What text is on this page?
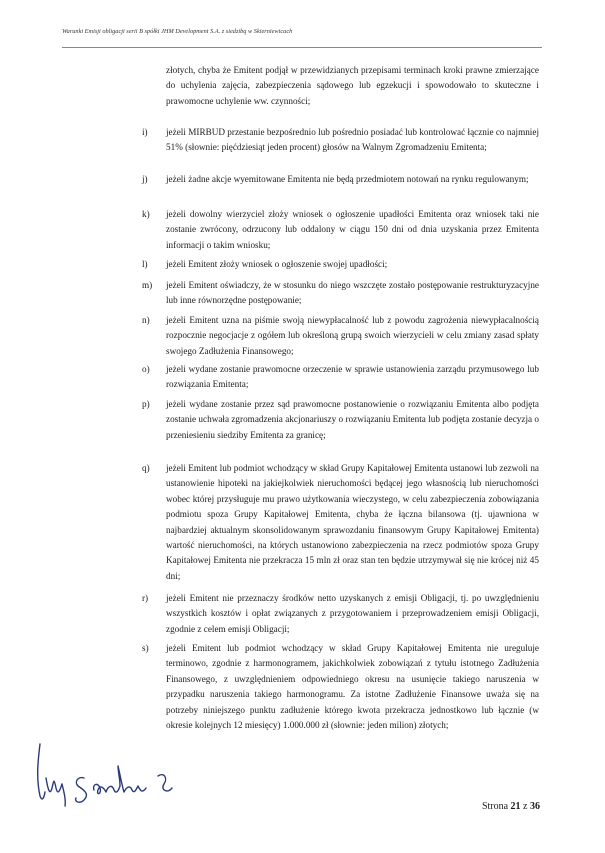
Warunki Emisji obligacji serii B spółki JHM Development S.A. z siedzibą w Skierniewicach
złotych, chyba że Emitent podjął w przewidzianych przepisami terminach kroki prawne zmierzające do uchylenia zajęcia, zabezpieczenia sądowego lub egzekucji i spowodowało to skuteczne i prawomocne uchylenie ww. czynności;
i) jeżeli MIRBUD przestanie bezpośrednio lub pośrednio posiadać lub kontrolować łącznie co najmniej 51% (słownie: pięćdziesiąt jeden procent) głosów na Walnym Zgromadzeniu Emitenta;
j) jeżeli żadne akcje wyemitowane Emitenta nie będą przedmiotem notowań na rynku regulowanym;
k) jeżeli dowolny wierzyciel złoży wniosek o ogłoszenie upadłości Emitenta oraz wniosek taki nie zostanie zwrócony, odrzucony lub oddalony w ciągu 150 dni od dnia uzyskania przez Emitenta informacji o takim wniosku;
l) jeżeli Emitent złoży wniosek o ogłoszenie swojej upadłości;
m) jeżeli Emitent oświadczy, że w stosunku do niego wszczęte zostało postępowanie restrukturyzacyjne lub inne równorzędne postępowanie;
n) jeżeli Emitent uzna na piśmie swoją niewypłacalność lub z powodu zagrożenia niewypłacalnością rozpocznie negocjacje z ogółem lub określoną grupą swoich wierzycieli w celu zmiany zasad spłaty swojego Zadłużenia Finansowego;
o) jeżeli wydane zostanie prawomocne orzeczenie w sprawie ustanowienia zarządu przymusowego lub rozwiązania Emitenta;
p) jeżeli wydane zostanie przez sąd prawomocne postanowienie o rozwiązaniu Emitenta albo podjęta zostanie uchwała zgromadzenia akcjonariuszy o rozwiązaniu Emitenta lub podjęta zostanie decyzja o przeniesieniu siedziby Emitenta za granicę;
q) jeżeli Emitent lub podmiot wchodzący w skład Grupy Kapitałowej Emitenta ustanowi lub zezwoli na ustanowienie hipoteki na jakiejkolwiek nieruchomości będącej jego własnością lub nieruchomości wobec której przysługuje mu prawo użytkowania wieczystego, w celu zabezpieczenia zobowiązania podmiotu spoza Grupy Kapitałowej Emitenta, chyba że łączna bilansowa (tj. ujawniona w najbardziej aktualnym skonsolidowanym sprawozdaniu finansowym Grupy Kapitałowej Emitenta) wartość nieruchomości, na których ustanowiono zabezpieczenia na rzecz podmiotów spoza Grupy Kapitałowej Emitenta nie przekracza 15 mln zł oraz stan ten będzie utrzymywał się nie krócej niż 45 dni;
r) jeżeli Emitent nie przeznaczy środków netto uzyskanych z emisji Obligacji, tj. po uwzględnieniu wszystkich kosztów i opłat związanych z przygotowaniem i przeprowadzeniem emisji Obligacji, zgodnie z celem emisji Obligacji;
s) jeżeli Emitent lub podmiot wchodzący w skład Grupy Kapitałowej Emitenta nie ureguluje terminowo, zgodnie z harmonogramem, jakichkolwiek zobowiązań z tytułu istotnego Zadłużenia Finansowego, z uwzględnieniem odpowiedniego okresu na usunięcie takiego naruszenia w przypadku naruszenia takiego harmonogramu. Za istotne Zadłużenie Finansowe uważa się na potrzeby niniejszego punktu zadłużenie którego kwota przekracza jednostkowo lub łącznie (w okresie kolejnych 12 miesięcy) 1.000.000 zł (słownie: jeden milion) złotych;
Strona 21 z 36
